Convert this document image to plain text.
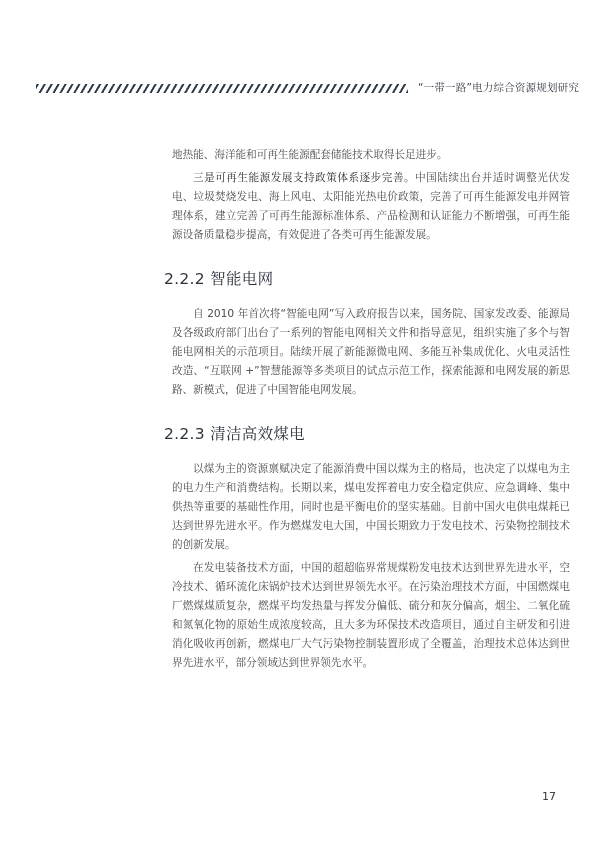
“一带一路”电力综合资源规划研究

地热能、海洋能和可再生能源配套储能技术取得长足进步。

三是可再生能源发展支持政策体系逐步完善。中国陆续出台并适时调整光伏发电、垃圾焚烧发电、海上风电、太阳能光热电价政策，完善了可再生能源发电并网管理体系，建立完善了可再生能源标准体系、产品检测和认证能力不断增强，可再生能源设备质量稳步提高，有效促进了各类可再生能源发展。

2.2.2 智能电网

自 2010 年首次将“智能电网”写入政府报告以来，国务院、国家发改委、能源局及各级政府部门出台了一系列的智能电网相关文件和指导意见，组织实施了多个与智能电网相关的示范项目。陆续开展了新能源微电网、多能互补集成优化、火电灵活性改造、“互联网 +”智慧能源等多类项目的试点示范工作，探索能源和电网发展的新思路、新模式，促进了中国智能电网发展。

2.2.3 清洁高效煤电

以煤为主的资源禀赋决定了能源消费中国以煤为主的格局，也决定了以煤电为主的电力生产和消费结构。长期以来，煤电发挥着电力安全稳定供应、应急调峰、集中供热等重要的基础性作用，同时也是平衡电价的坚实基础。目前中国火电供电煤耗已达到世界先进水平。作为燃煤发电大国，中国长期致力于发电技术、污染物控制技术的创新发展。

在发电装备技术方面，中国的超超临界常规煤粉发电技术达到世界先进水平，空冷技术、循环流化床锅炉技术达到世界领先水平。在污染治理技术方面，中国燃煤电厂燃煤煤质复杂，燃煤平均发热量与挥发分偏低、硫分和灰分偏高，烟尘、二氧化硫和氮氧化物的原始生成浓度较高，且大多为环保技术改造项目，通过自主研发和引进消化吸收再创新，燃煤电厂大气污染物控制装置形成了全覆盖，治理技术总体达到世界先进水平，部分领域达到世界领先水平。

17
